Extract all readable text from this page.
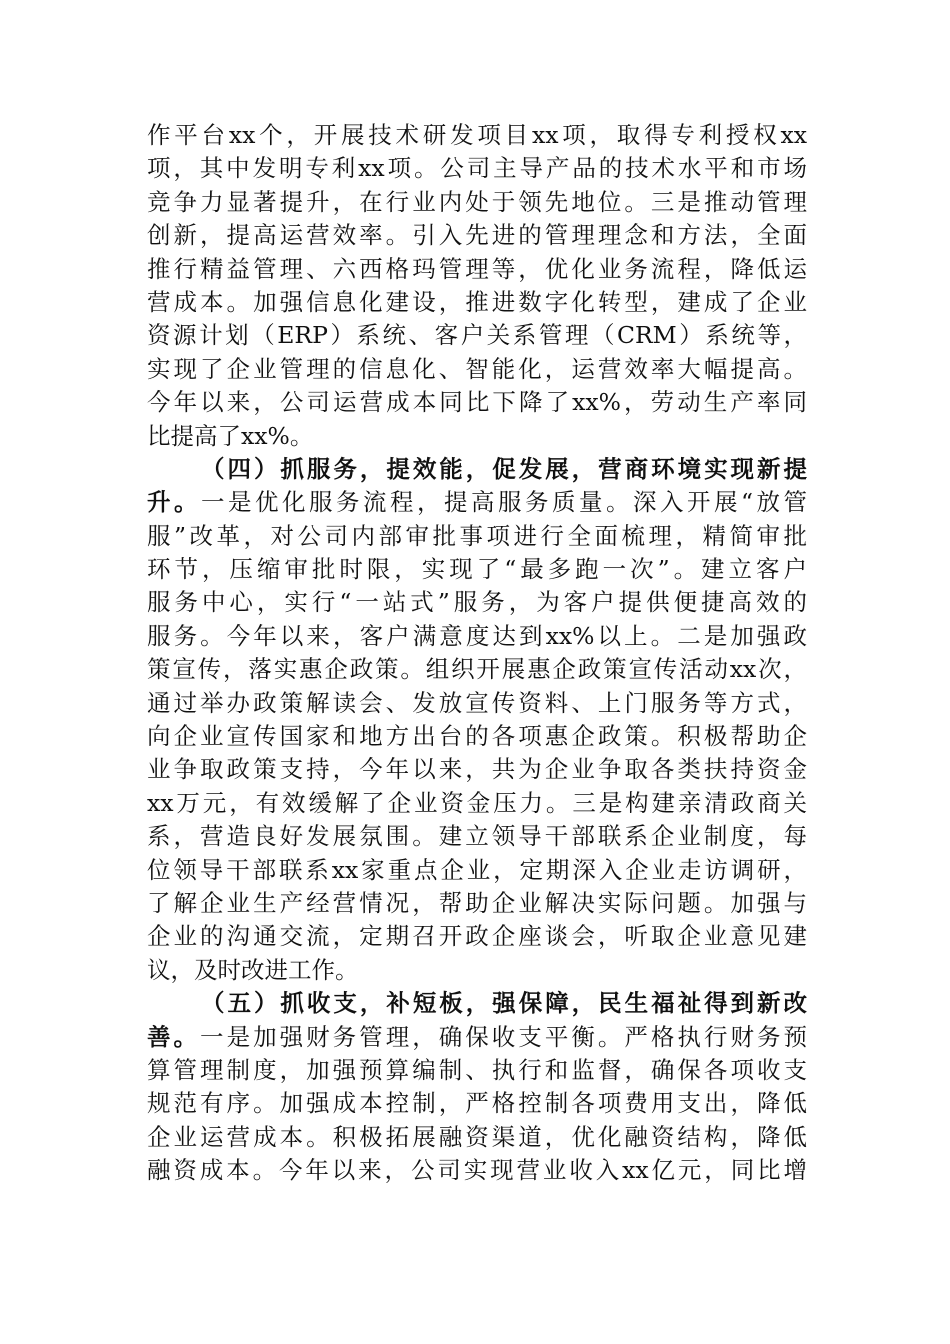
作平台xx个，开展技术研发项目xx项，取得专利授权xx
项，其中发明专利xx项。公司主导产品的技术水平和市场
竞争力显著提升，在行业内处于领先地位。三是推动管理
创新，提高运营效率。引入先进的管理理念和方法，全面
推行精益管理、六西格玛管理等，优化业务流程，降低运
营成本。加强信息化建设，推进数字化转型，建成了企业
资源计划（ERP）系统、客户关系管理（CRM）系统等，
实现了企业管理的信息化、智能化，运营效率大幅提高。
今年以来，公司运营成本同比下降了xx%，劳动生产率同
比提高了xx%。
（四）抓服务，提效能，促发展，营商环境实现新提
升。一是优化服务流程，提高服务质量。深入开展“放管
服”改革，对公司内部审批事项进行全面梳理，精简审批
环节，压缩审批时限，实现了“最多跑一次”。建立客户
服务中心，实行“一站式”服务，为客户提供便捷高效的
服务。今年以来，客户满意度达到xx%以上。二是加强政
策宣传，落实惠企政策。组织开展惠企政策宣传活动xx次，
通过举办政策解读会、发放宣传资料、上门服务等方式，
向企业宣传国家和地方出台的各项惠企政策。积极帮助企
业争取政策支持，今年以来，共为企业争取各类扶持资金
xx万元，有效缓解了企业资金压力。三是构建亲清政商关
系，营造良好发展氛围。建立领导干部联系企业制度，每
位领导干部联系xx家重点企业，定期深入企业走访调研，
了解企业生产经营情况，帮助企业解决实际问题。加强与
企业的沟通交流，定期召开政企座谈会，听取企业意见建
议，及时改进工作。
（五）抓收支，补短板，强保障，民生福祉得到新改
善。一是加强财务管理，确保收支平衡。严格执行财务预
算管理制度，加强预算编制、执行和监督，确保各项收支
规范有序。加强成本控制，严格控制各项费用支出，降低
企业运营成本。积极拓展融资渠道，优化融资结构，降低
融资成本。今年以来，公司实现营业收入xx亿元，同比增
